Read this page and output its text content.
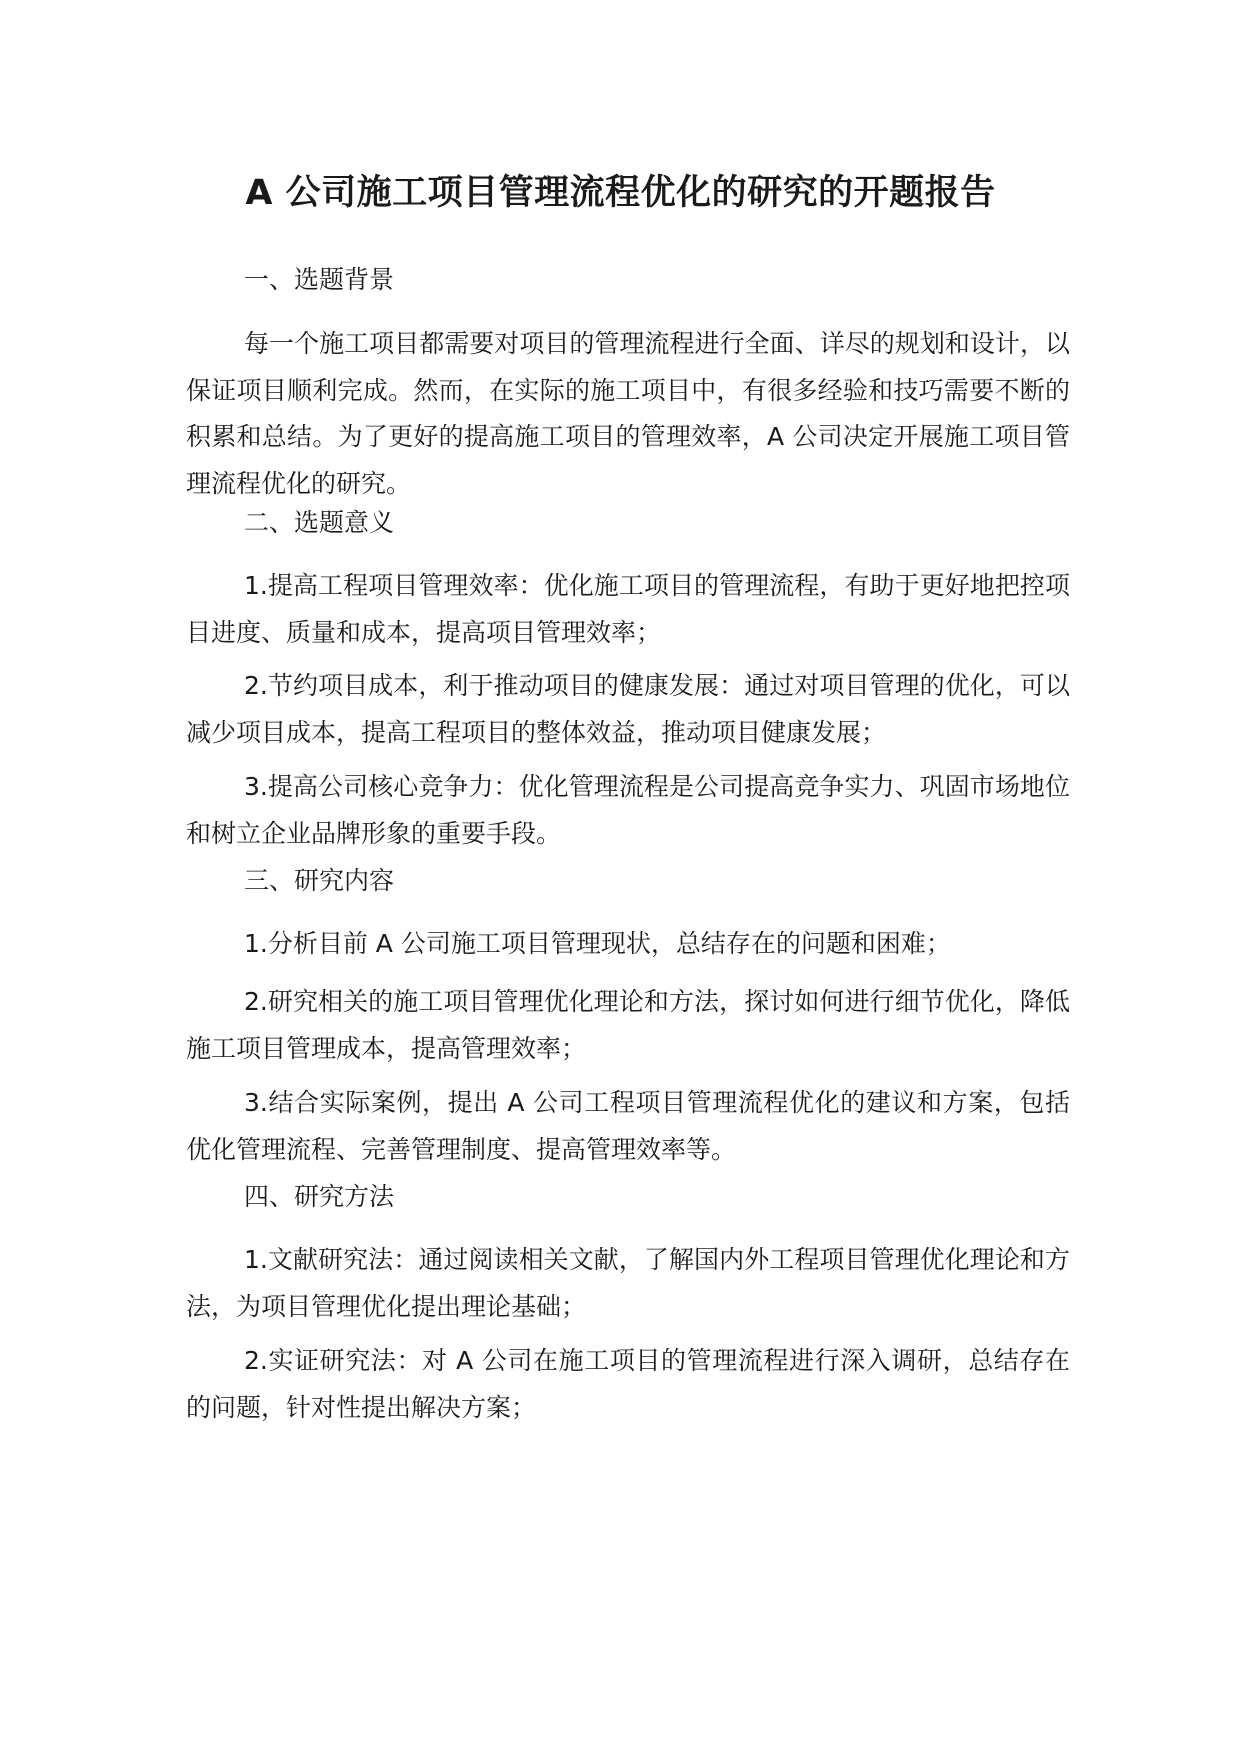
A 公司施工项目管理流程优化的研究的开题报告
一、选题背景

每一个施工项目都需要对项目的管理流程进行全面、详尽的规划和设计，以保证项目顺利完成。然而，在实际的施工项目中，有很多经验和技巧需要不断的积累和总结。为了更好的提高施工项目的管理效率，A 公司决定开展施工项目管理流程优化的研究。

二、选题意义

1.提高工程项目管理效率：优化施工项目的管理流程，有助于更好地把控项目进度、质量和成本，提高项目管理效率；

2.节约项目成本，利于推动项目的健康发展：通过对项目管理的优化，可以减少项目成本，提高工程项目的整体效益，推动项目健康发展；

3.提高公司核心竞争力：优化管理流程是公司提高竞争实力、巩固市场地位和树立企业品牌形象的重要手段。

三、研究内容

1.分析目前 A 公司施工项目管理现状，总结存在的问题和困难；

2.研究相关的施工项目管理优化理论和方法，探讨如何进行细节优化，降低施工项目管理成本，提高管理效率；

3.结合实际案例，提出 A 公司工程项目管理流程优化的建议和方案，包括优化管理流程、完善管理制度、提高管理效率等。

四、研究方法

1.文献研究法：通过阅读相关文献，了解国内外工程项目管理优化理论和方法，为项目管理优化提出理论基础；

2.实证研究法：对 A 公司在施工项目的管理流程进行深入调研，总结存在的问题，针对性提出解决方案；
